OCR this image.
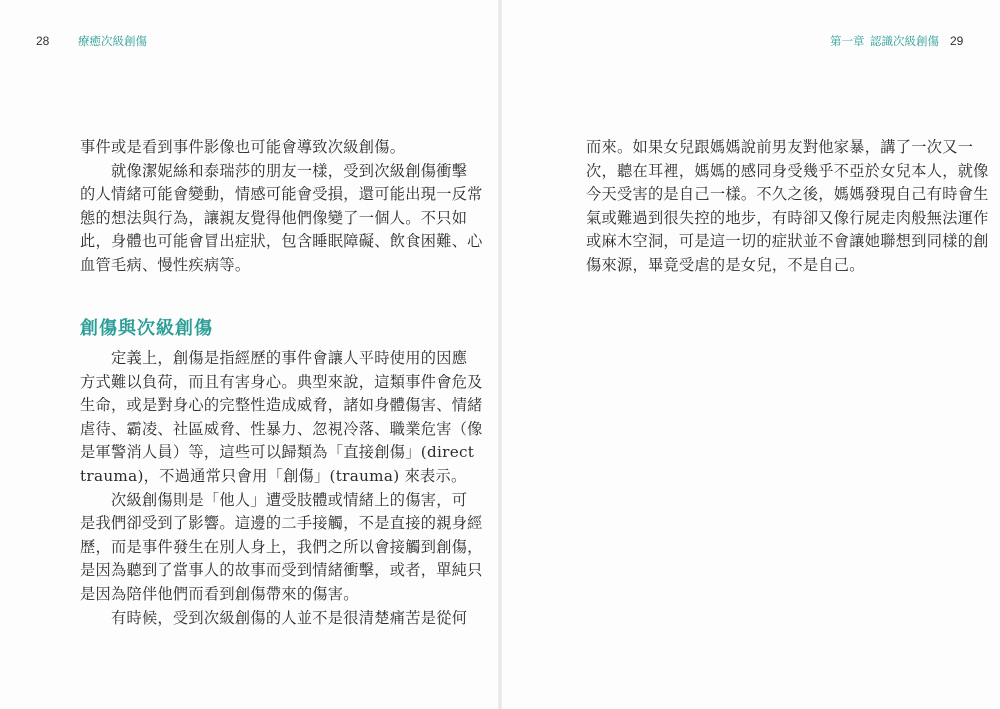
28 療癒次級創傷	第一章 認識次級創傷 29

事件或是看到事件影像也可能會導致次級創傷。

　　就像潔妮絲和泰瑞莎的朋友一樣，受到次級創傷衝擊

的人情緒可能會變動，情感可能會受損，還可能出現一反常

態的想法與行為，讓親友覺得他們像變了一個人。不只如

此，身體也可能會冒出症狀，包含睡眠障礙、飲食困難、心

血管毛病、慢性疾病等。

創傷與次級創傷

　　定義上，創傷是指經歷的事件會讓人平時使用的因應

方式難以負荷，而且有害身心。典型來說，這類事件會危及

生命，或是對身心的完整性造成威脅，諸如身體傷害、情緒

虐待、霸凌、社區威脅、性暴力、忽視冷落、職業危害（像

是軍警消人員）等，這些可以歸類為「直接創傷」(direct

trauma)，不過通常只會用「創傷」(trauma) 來表示。

　　次級創傷則是「他人」遭受肢體或情緒上的傷害，可

是我們卻受到了影響。這邊的二手接觸，不是直接的親身經

歷，而是事件發生在別人身上，我們之所以會接觸到創傷，

是因為聽到了當事人的故事而受到情緒衝擊，或者，單純只

是因為陪伴他們而看到創傷帶來的傷害。

　　有時候，受到次級創傷的人並不是很清楚痛苦是從何

而來。如果女兒跟媽媽說前男友對他家暴，講了一次又一

次，聽在耳裡，媽媽的感同身受幾乎不亞於女兒本人，就像

今天受害的是自己一樣。不久之後，媽媽發現自己有時會生

氣或難過到很失控的地步，有時卻又像行屍走肉般無法運作

或麻木空洞，可是這一切的症狀並不會讓她聯想到同樣的創

傷來源，畢竟受虐的是女兒，不是自己。
